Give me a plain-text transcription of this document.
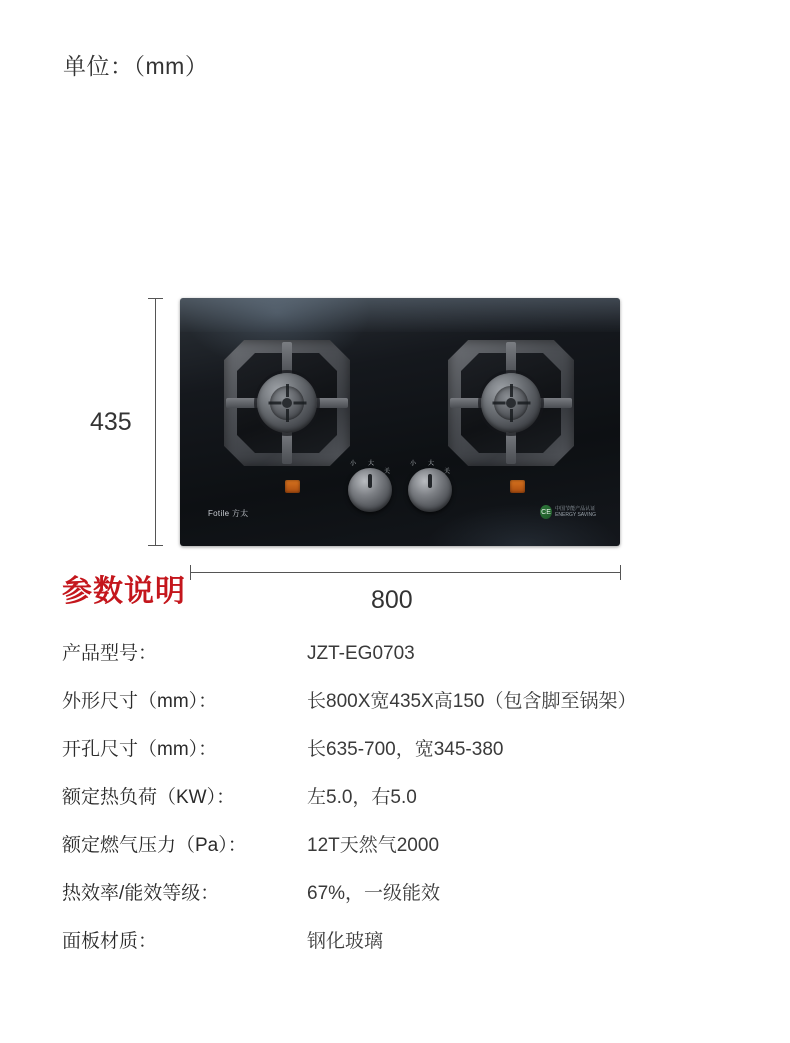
单位：（mm）
435
800
小 大
关
小 大
关
Fotile 方太	CE 中国节能产品认证
ENERGY SAVING
参数说明
产品型号：	JZT-EG0703
外形尺寸（mm）：	长800X宽435X高150（包含脚至锅架）
开孔尺寸（mm）：	长635-700，宽345-380
额定热负荷（KW）：	左5.0，右5.0
额定燃气压力（Pa）：	12T天然气2000
热效率/能效等级：	67%，一级能效
面板材质：	钢化玻璃
